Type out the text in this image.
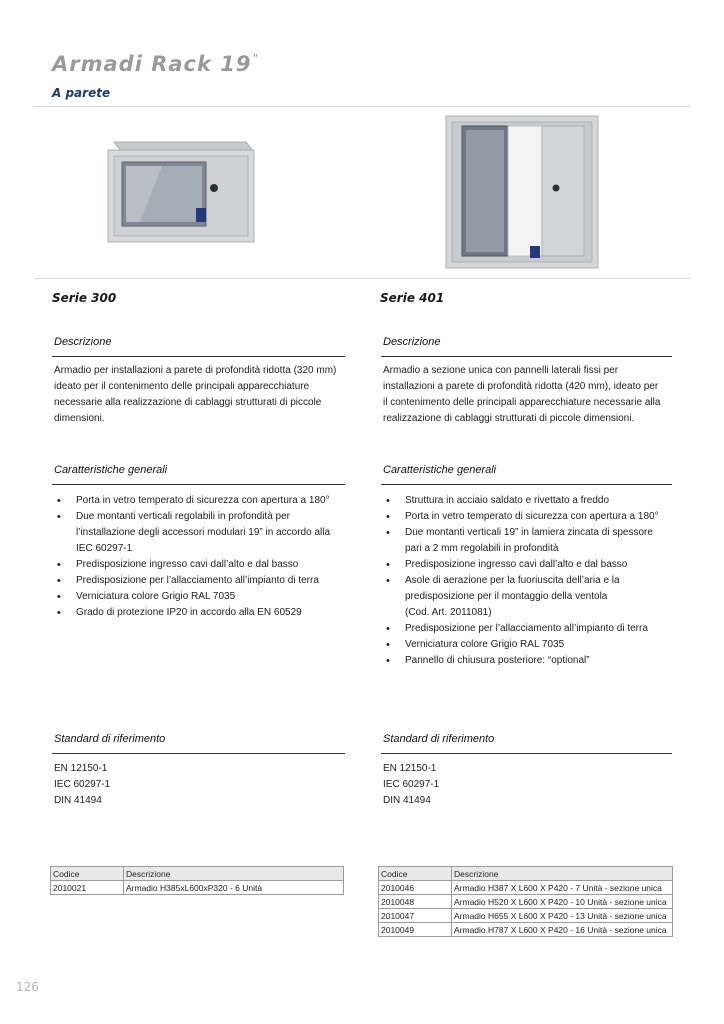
Armadi Rack 19”
A parete
Serie 300
Descrizione
Armadio per installazioni a parete di profondità ridotta (320 mm)
ideato per il contenimento delle principali apparecchiature
necessarie alla realizzazione di cablaggi strutturati di piccole
dimensioni.
Caratteristiche generali
• Porta in vetro temperato di sicurezza con apertura a 180°
• Due montanti verticali regolabili in profondità per
l’installazione degli accessori modulari 19” in accordo alla
IEC 60297-1
• Predisposizione ingresso cavi dall’alto e dal basso
• Predisposizione per l’allacciamento all’impianto di terra
• Verniciatura colore Grigio RAL 7035
• Grado di protezione IP20 in accordo alla EN 60529
Standard di riferimento
EN 12150-1
IEC 60297-1
DIN 41494
Codice	Descrizione
2010021	Armadio H385xL600xP320 - 6 Unità
Serie 401
Descrizione
Armadio a sezione unica con pannelli laterali fissi per
installazioni a parete di profondità ridotta (420 mm), ideato per
il contenimento delle principali apparecchiature necessarie alla
realizzazione di cablaggi strutturati di piccole dimensioni.
Caratteristiche generali
• Struttura in acciaio saldato e rivettato a freddo
• Porta in vetro temperato di sicurezza con apertura a 180°
• Due montanti verticali 19” in lamiera zincata di spessore
pari a 2 mm regolabili in profondità
• Predisposizione ingresso cavi dall’alto e dal basso
• Asole di aerazione per la fuoriuscita dell’aria e la
predisposizione per il montaggio della ventola
(Cod. Art. 2011081)
• Predisposizione per l’allacciamento all’impianto di terra
• Verniciatura colore Grigio RAL 7035
• Pannello di chiusura posteriore: “optional”
Standard di riferimento
EN 12150-1
IEC 60297-1
DIN 41494
Codice	Descrizione
2010046	Armadio H387 X L600 X P420 - 7 Unità - sezione unica
2010048	Armadio H520 X L600 X P420 - 10 Unità - sezione unica
2010047	Armadio H655 X L600 X P420 - 13 Unità - sezione unica
2010049	Armadio H787 X L600 X P420 - 16 Unità - sezione unica
126
